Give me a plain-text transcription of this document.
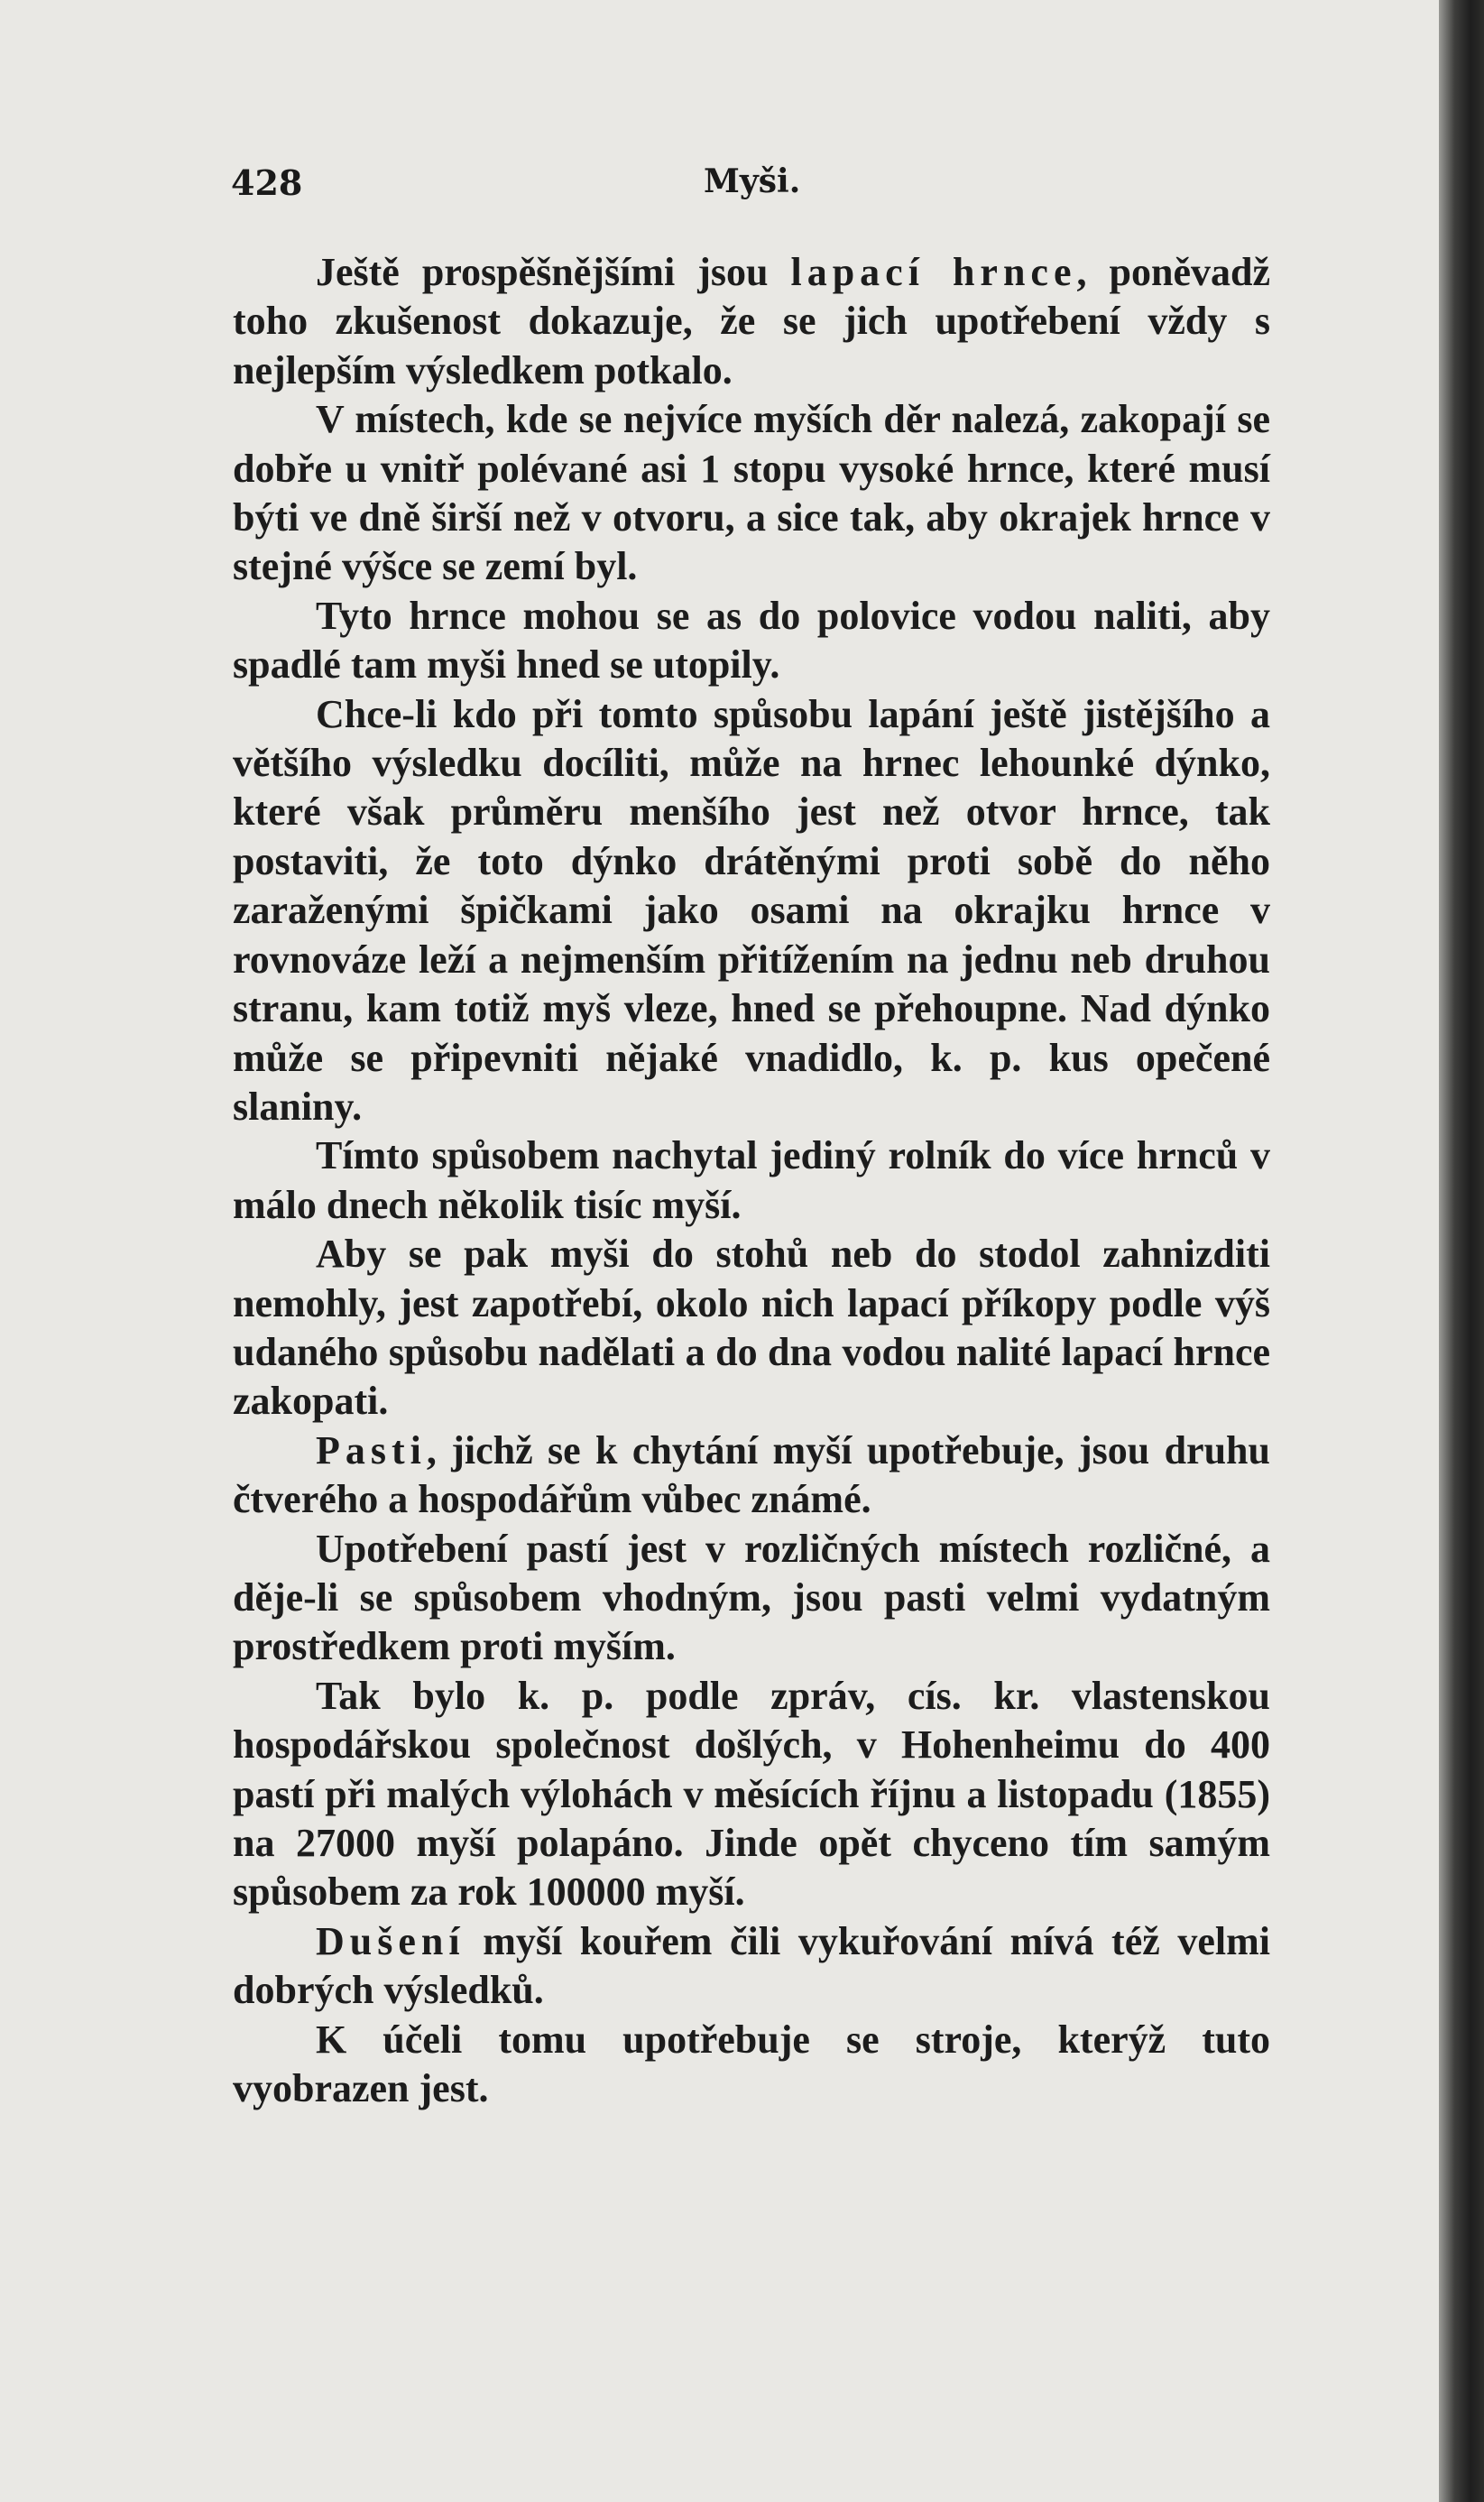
428	Myši.

Ještě prospěšnějšími jsou lapací hrnce, poněvadž toho zkušenost dokazuje, že se jich upotřebení vždy s nejlepším výsledkem potkalo.

V místech, kde se nejvíce myších děr nalezá, zakopají se dobře u vnitř polévané asi 1 stopu vysoké hrnce, které musí býti ve dně širší než v otvoru, a sice tak, aby okrajek hrnce v stejné výšce se zemí byl.

Tyto hrnce mohou se as do polovice vodou naliti, aby spadlé tam myši hned se utopily.

Chce-li kdo při tomto spůsobu lapání ještě jistějšího a většího výsledku docíliti, může na hrnec lehounké dýnko, které však průměru menšího jest než otvor hrnce, tak postaviti, že toto dýnko drátěnými proti sobě do něho zaraženými špičkami jako osami na okrajku hrnce v rovnováze leží a nejmenším přitížením na jednu neb druhou stranu, kam totiž myš vleze, hned se přehoupne. Nad dýnko může se připevniti nějaké vnadidlo, k. p. kus opečené slaniny.

Tímto spůsobem nachytal jediný rolník do více hrnců v málo dnech několik tisíc myší.

Aby se pak myši do stohů neb do stodol zahnizditi nemohly, jest zapotřebí, okolo nich lapací příkopy podle výš udaného spůsobu nadělati a do dna vodou nalité lapací hrnce zakopati.

Pasti, jichž se k chytání myší upotřebuje, jsou druhu čtverého a hospodářům vůbec známé.

Upotřebení pastí jest v rozličných místech rozličné, a děje-li se spůsobem vhodným, jsou pasti velmi vydatným prostředkem proti myším.

Tak bylo k. p. podle zpráv, cís. kr. vlastenskou hospodářskou společnost došlých, v Hohenheimu do 400 pastí při malých výlohách v měsících říjnu a listopadu (1855) na 27000 myší polapáno. Jinde opět chyceno tím samým spůsobem za rok 100000 myší.

Dušení myší kouřem čili vykuřování mívá též velmi dobrých výsledků.

K účeli tomu upotřebuje se stroje, kterýž tuto vyobrazen jest.
